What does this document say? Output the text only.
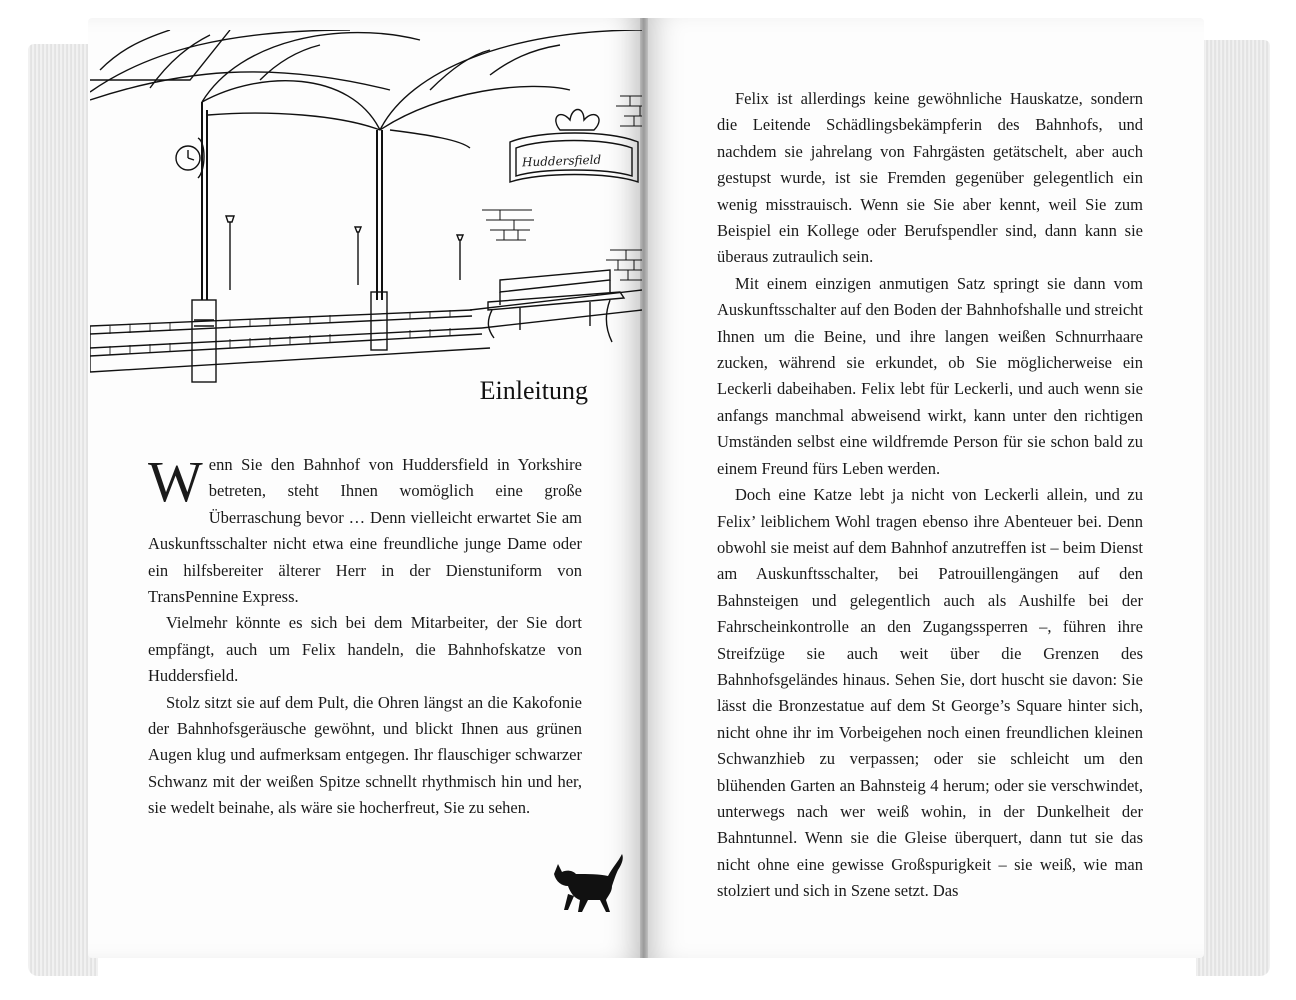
Huddersfield
Einleitung

Wenn Sie den Bahnhof von Huddersfield in Yorkshire betreten, steht Ihnen womöglich eine große Überraschung bevor … Denn vielleicht erwartet Sie am Auskunftsschalter nicht etwa eine freundliche junge Dame oder ein hilfsbereiter älterer Herr in der Dienstuniform von TransPennine Express.

Vielmehr könnte es sich bei dem Mitarbeiter, der Sie dort empfängt, auch um Felix handeln, die Bahnhofskatze von Huddersfield.

Stolz sitzt sie auf dem Pult, die Ohren längst an die Kakofonie der Bahnhofsgeräusche gewöhnt, und blickt Ihnen aus grünen Augen klug und aufmerksam entgegen. Ihr flauschiger schwarzer Schwanz mit der weißen Spitze schnellt rhythmisch hin und her, sie wedelt beinahe, als wäre sie hocherfreut, Sie zu sehen.

Felix ist allerdings keine gewöhnliche Hauskatze, sondern die Leitende Schädlingsbekämpferin des Bahnhofs, und nachdem sie jahrelang von Fahrgästen getätschelt, aber auch gestupst wurde, ist sie Fremden gegenüber gelegentlich ein wenig misstrauisch. Wenn sie Sie aber kennt, weil Sie zum Beispiel ein Kollege oder Berufspendler sind, dann kann sie überaus zutraulich sein.

Mit einem einzigen anmutigen Satz springt sie dann vom Auskunftsschalter auf den Boden der Bahnhofshalle und streicht Ihnen um die Beine, und ihre langen weißen Schnurrhaare zucken, während sie erkundet, ob Sie möglicherweise ein Leckerli dabeihaben. Felix lebt für Leckerli, und auch wenn sie anfangs manchmal abweisend wirkt, kann unter den richtigen Umständen selbst eine wildfremde Person für sie schon bald zu einem Freund fürs Leben werden.

Doch eine Katze lebt ja nicht von Leckerli allein, und zu Felix’ leiblichem Wohl tragen ebenso ihre Abenteuer bei. Denn obwohl sie meist auf dem Bahnhof anzutreffen ist – beim Dienst am Auskunftsschalter, bei Patrouillengängen auf den Bahnsteigen und gelegentlich auch als Aushilfe bei der Fahrscheinkontrolle an den Zugangssperren –, führen ihre Streifzüge sie auch weit über die Grenzen des Bahnhofsgeländes hinaus. Sehen Sie, dort huscht sie davon: Sie lässt die Bronzestatue auf dem St George’s Square hinter sich, nicht ohne ihr im Vorbeigehen noch einen freundlichen kleinen Schwanzhieb zu verpassen; oder sie schleicht um den blühenden Garten an Bahnsteig 4 herum; oder sie verschwindet, unterwegs nach wer weiß wohin, in der Dunkelheit der Bahntunnel. Wenn sie die Gleise überquert, dann tut sie das nicht ohne eine gewisse Großspurigkeit – sie weiß, wie man stolziert und sich in Szene setzt. Das
